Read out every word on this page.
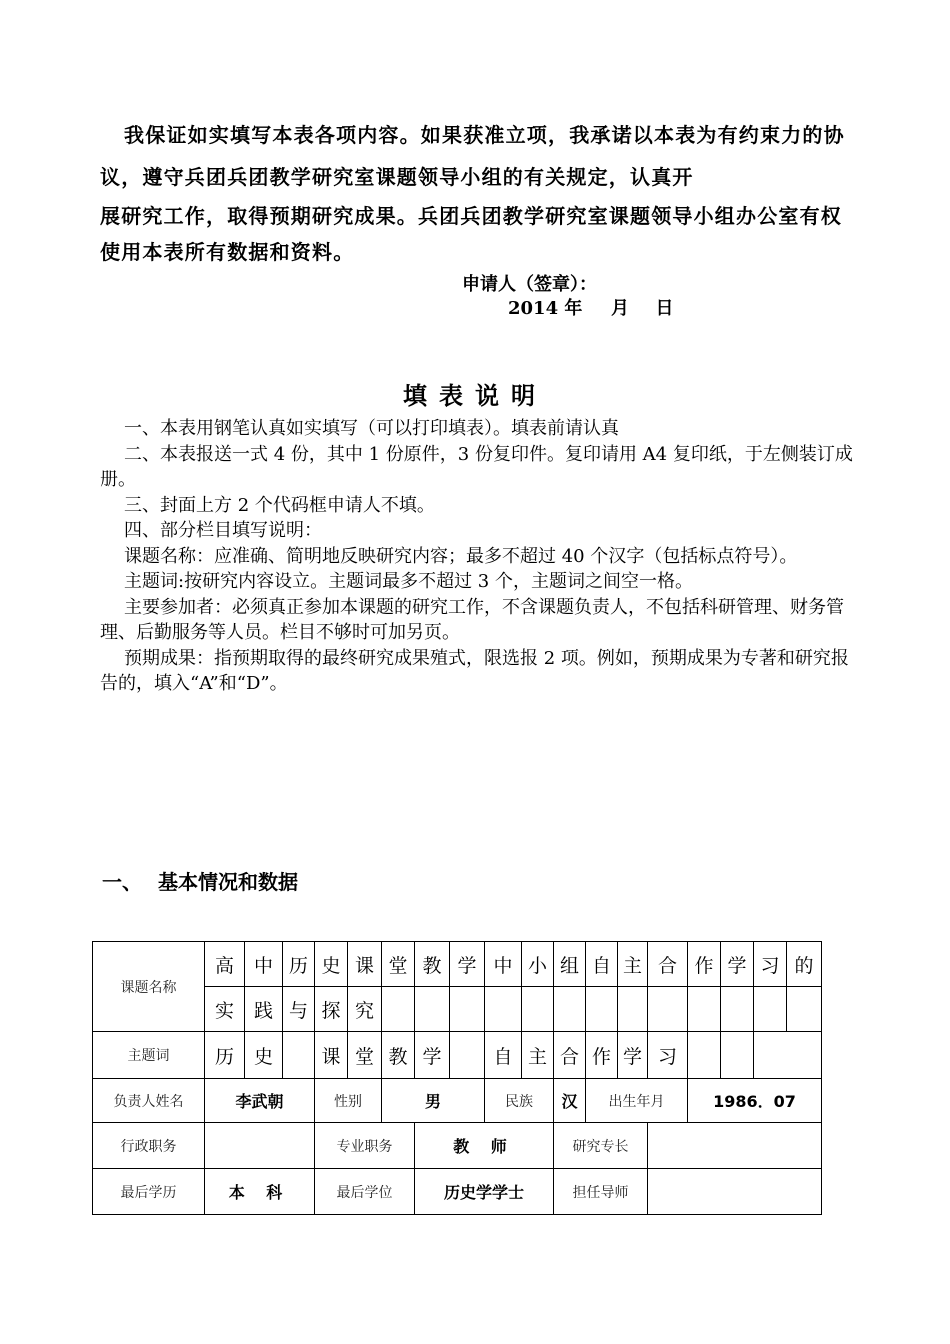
我保证如实填写本表各项内容。如果获准立项，我承诺以本表为有约束力的协议，遵守兵团兵团教学研究室课题领导小组的有关规定，认真开

展研究工作，取得预期研究成果。兵团兵团教学研究室课题领导小组办公室有权使用本表所有数据和资料。

申请人（签章）：
2014 年 月 日
填表说明

一、本表用钢笔认真如实填写（可以打印填表）。填表前请认真

二、本表报送一式 4 份，其中 1 份原件，3 份复印件。复印请用 A4 复印纸，于左侧装订成册。

三、封面上方 2 个代码框申请人不填。

四、部分栏目填写说明：

课题名称：应准确、简明地反映研究内容；最多不超过 40 个汉字（包括标点符号）。

主题词:按研究内容设立。主题词最多不超过 3 个，主题词之间空一格。

主要参加者：必须真正参加本课题的研究工作，不含课题负责人，不包括科研管理、财务管理、后勤服务等人员。栏目不够时可加另页。

预期成果：指预期取得的最终研究成果殖式，限选报 2 项。例如，预期成果为专著和研究报告的，填入“A”和“D”。

一、 基本情况和数据
课题名称	高	中	历	史	课	堂	教	学	中	小	组	自	主	合	作	学	习	的
	实	践	与	探	究													
主题词	历	史		课	堂	教	学		自	主	合	作	学	习				
负责人姓名	李武朝			性别		男			民族		汉	出生年月			1986．07			
行政职务				专业职务			教 师				研究专长							
最后学历	本 科			最后学位			历史学学士				担任导师							
